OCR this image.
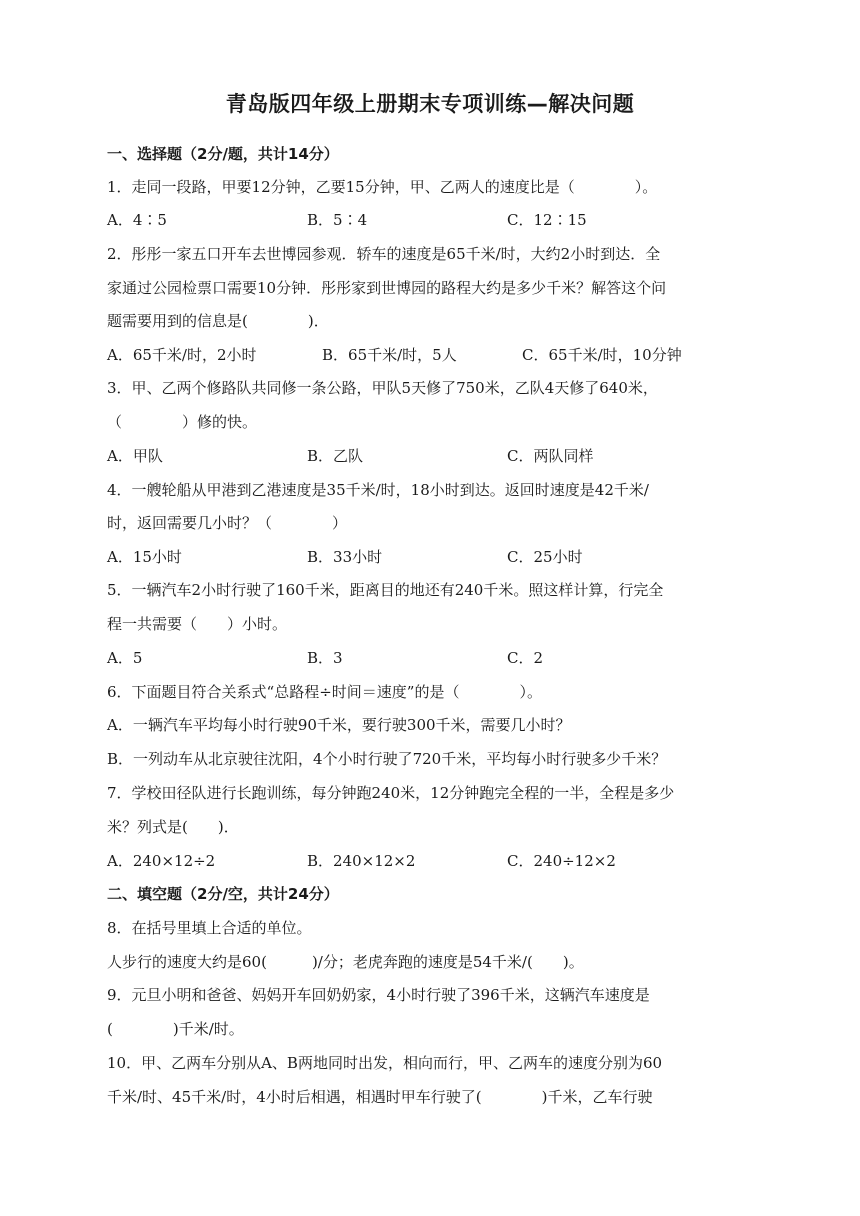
青岛版四年级上册期末专项训练—解决问题
一、选择题（2分/题，共计14分）
1．走同一段路，甲要12分钟，乙要15分钟，甲、乙两人的速度比是（　　　　）。
A．4∶5	B．5∶4	C．12∶15
2．彤彤一家五口开车去世博园参观．轿车的速度是65千米/时，大约2小时到达．全
家通过公园检票口需要10分钟．彤彤家到世博园的路程大约是多少千米？解答这个问
题需要用到的信息是(　　　　)．
A．65千米/时，2小时	B．65千米/时，5人	C．65千米/时，10分钟
3．甲、乙两个修路队共同修一条公路，甲队5天修了750米，乙队4天修了640米，
（　　　　）修的快。
A．甲队	B．乙队	C．两队同样
4．一艘轮船从甲港到乙港速度是35千米/时，18小时到达。返回时速度是42千米/
时，返回需要几小时？（　　　　）
A．15小时	B．33小时	C．25小时
5．一辆汽车2小时行驶了160千米，距离目的地还有240千米。照这样计算，行完全
程一共需要（　　）小时。
A．5	B．3	C．2
6．下面题目符合关系式“总路程÷时间＝速度”的是（　　　　）。
A．一辆汽车平均每小时行驶90千米，要行驶300千米，需要几小时？
B．一列动车从北京驶往沈阳，4个小时行驶了720千米，平均每小时行驶多少千米？
7．学校田径队进行长跑训练，每分钟跑240米，12分钟跑完全程的一半，全程是多少
米？列式是(　　)．
A．240×12÷2	B．240×12×2	C．240÷12×2
二、填空题（2分/空，共计24分）
8．在括号里填上合适的单位。
人步行的速度大约是60(　　　)/分；老虎奔跑的速度是54千米/(　　)。
9．元旦小明和爸爸、妈妈开车回奶奶家，4小时行驶了396千米，这辆汽车速度是
(　　　　)千米/时。
10．甲、乙两车分别从A、B两地同时出发，相向而行，甲、乙两车的速度分别为60
千米/时、45千米/时，4小时后相遇，相遇时甲车行驶了(　　　　)千米，乙车行驶
